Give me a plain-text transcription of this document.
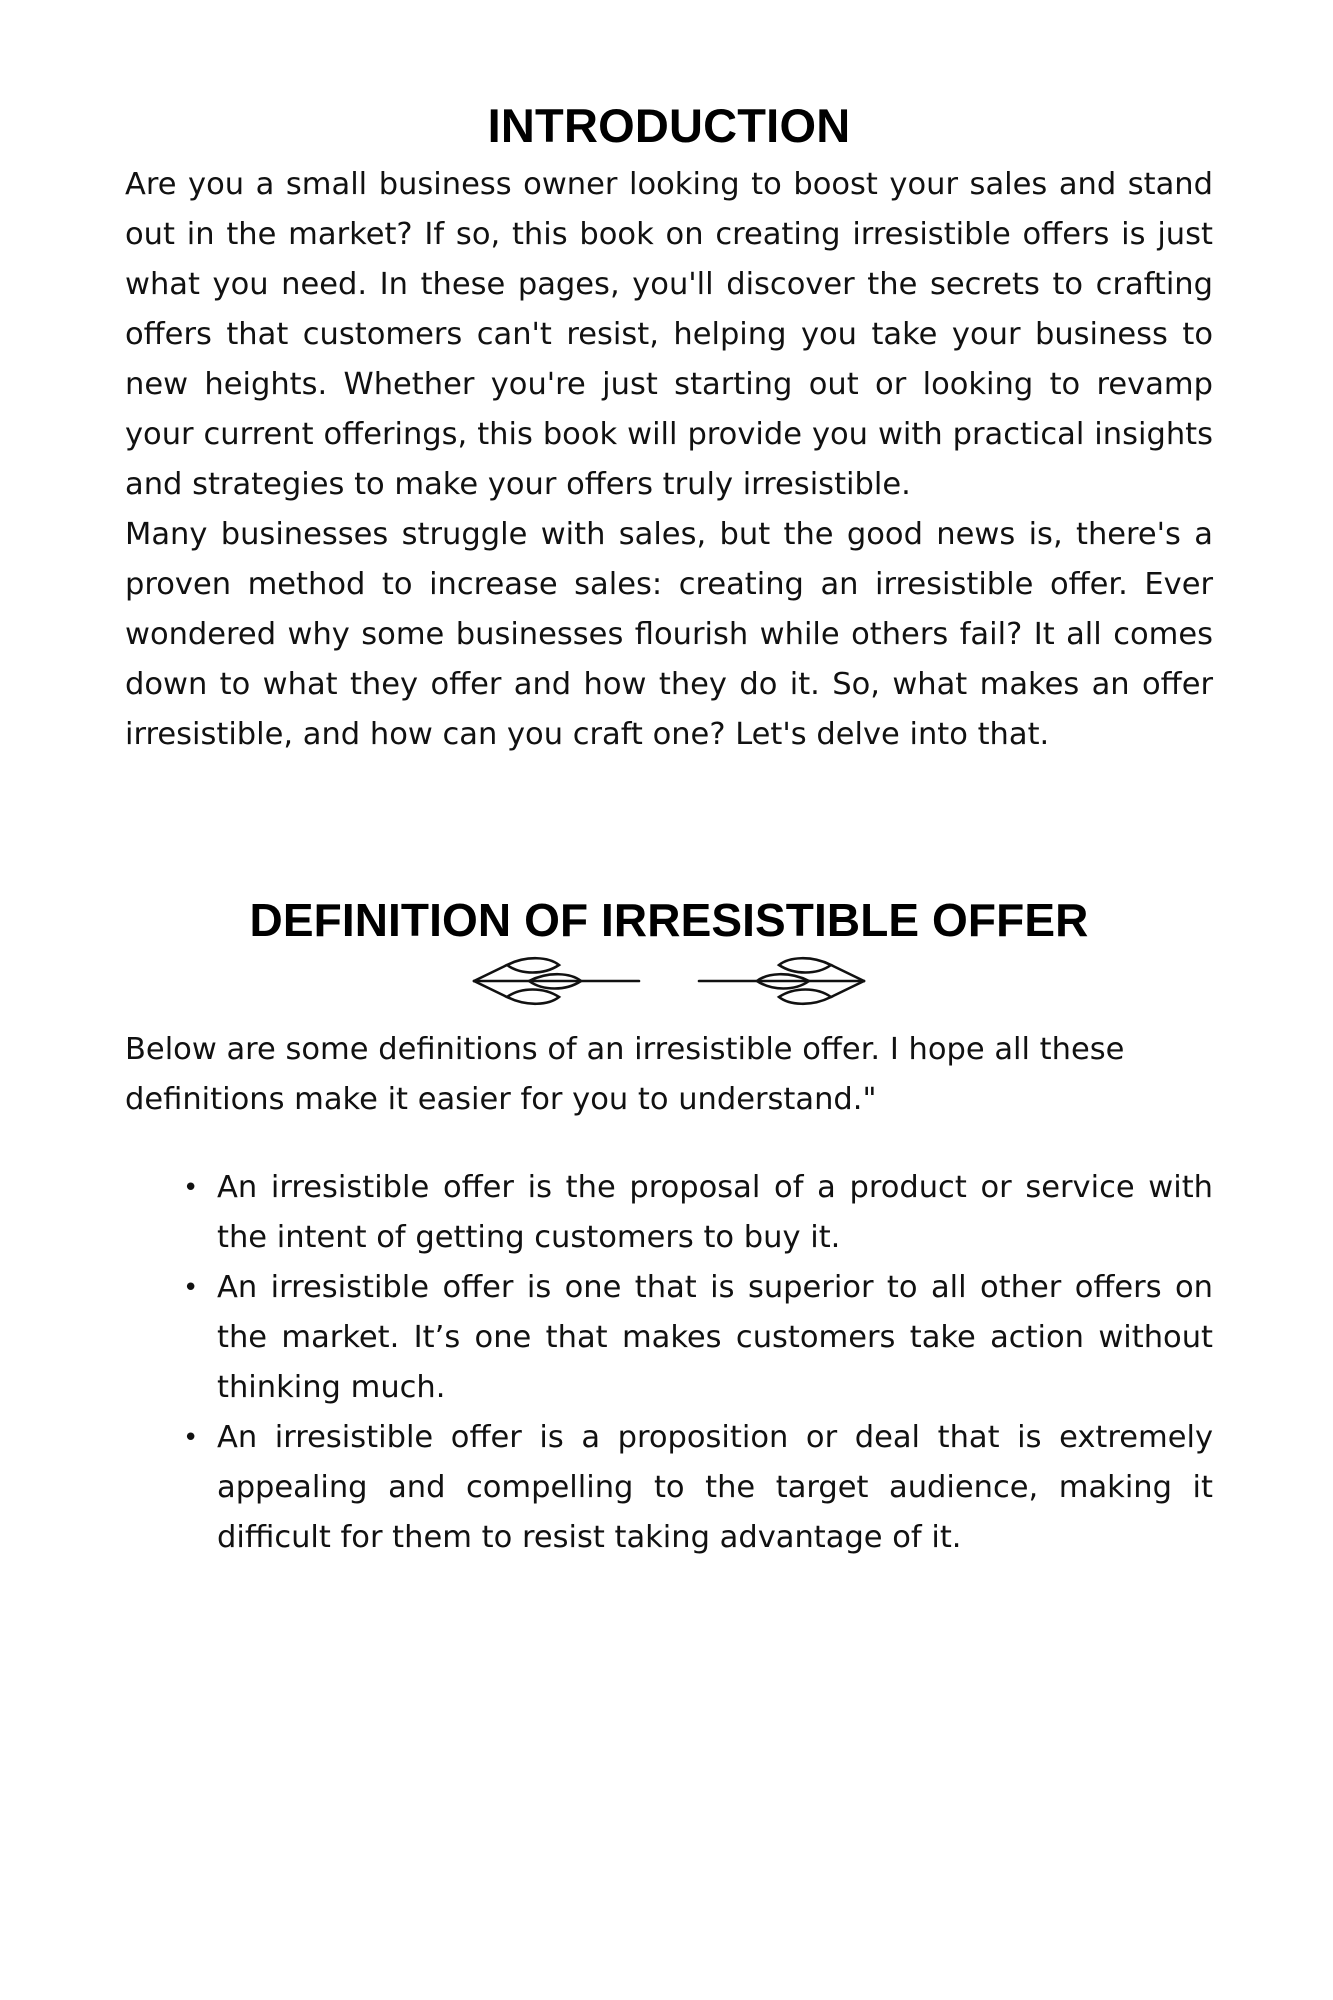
INTRODUCTION

Are you a small business owner looking to boost your sales and stand out in the market? If so, this book on creating irresistible offers is just what you need. In these pages, you'll discover the secrets to crafting offers that customers can't resist, helping you take your business to new heights. Whether you're just starting out or looking to revamp your current offerings, this book will provide you with practical insights and strategies to make your offers truly irresistible.

Many businesses struggle with sales, but the good news is, there's a proven method to increase sales: creating an irresistible offer. Ever wondered why some businesses flourish while others fail? It all comes down to what they offer and how they do it. So, what makes an offer irresistible, and how can you craft one? Let's delve into that.

DEFINITION OF IRRESISTIBLE OFFER

Below are some definitions of an irresistible offer. I hope all these definitions make it easier for you to understand."

• An irresistible offer is the proposal of a product or service with the intent of getting customers to buy it.
• An irresistible offer is one that is superior to all other offers on the market. It’s one that makes customers take action without thinking much.
• An irresistible offer is a proposition or deal that is extremely appealing and compelling to the target audience, making it difficult for them to resist taking advantage of it.
